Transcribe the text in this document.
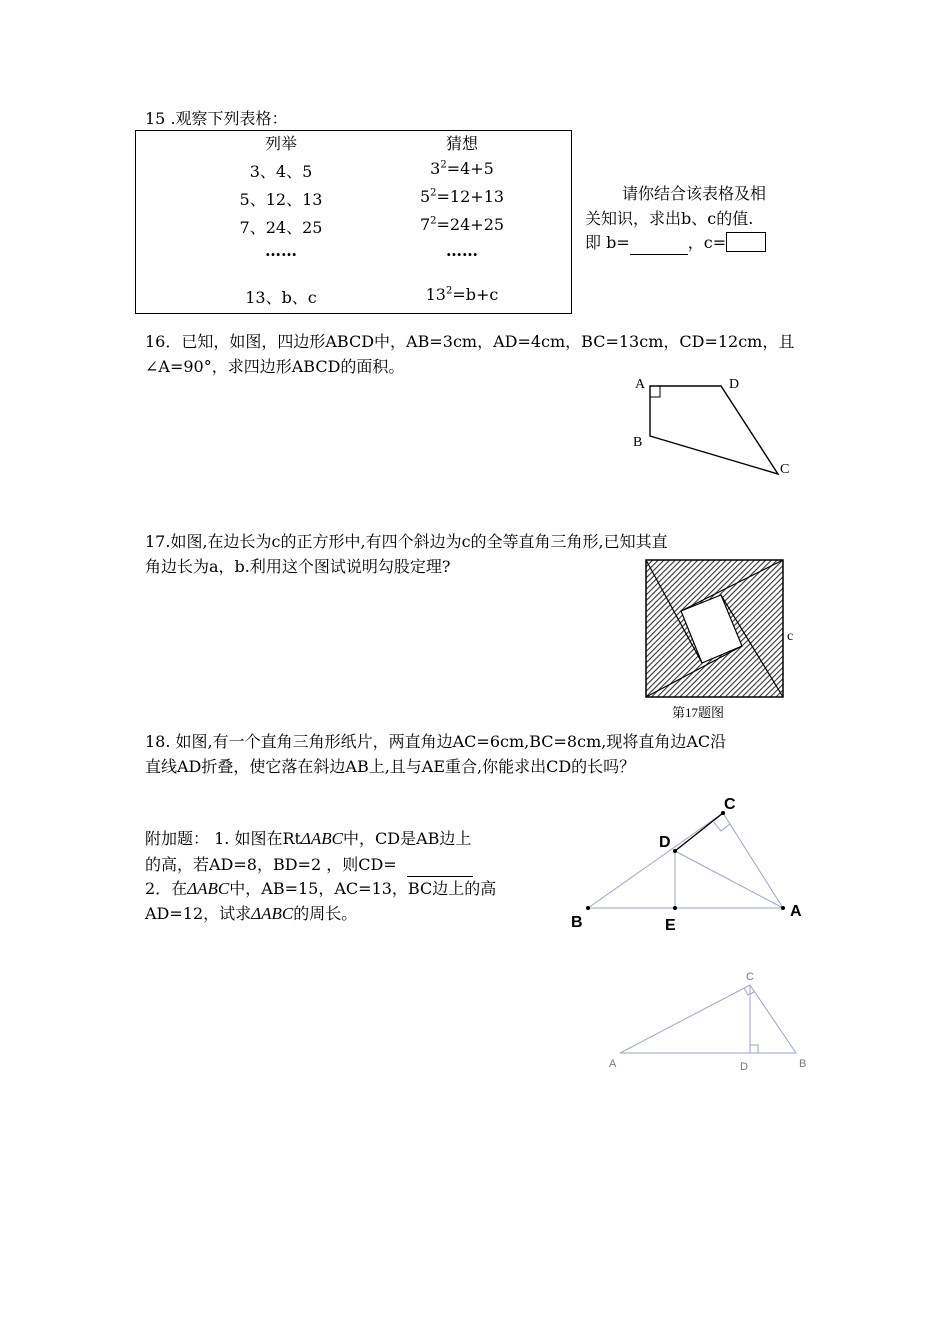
15 .观察下列表格：
列举	猜想
3、4、5	$3^2=4+5$
5、12、13	$5^2=12+13$
7、24、25	$7^2=24+25$
……	……
13、b、c	$13^2=b+c$
请你结合该表格及相
关知识，求出b、c的值.
即 b=	，c=
16．已知，如图，四边形ABCD中，AB=3cm，AD=4cm，BC=13cm，CD=12cm，且
∠A=90°，求四边形ABCD的面积。
A	D
B
C
17.如图,在边长为c的正方形中,有四个斜边为c的全等直角三角形,已知其直
角边长为a，b.利用这个图试说明勾股定理?
c
第17题图
18. 如图,有一个直角三角形纸片，两直角边AC=6cm,BC=8cm,现将直角边AC沿
直线AD折叠，使它落在斜边AB上,且与AE重合,你能求出CD的长吗？
C
D
B	E
A
附加题： 1. 如图在RtΔABC中，CD是AB边上
的高，若AD=8，BD=2 ，则CD=
2．在ΔABC中，AB=15，AC=13，BC边上的高
AD=12，试求ΔABC的周长。
C
A	D	B
